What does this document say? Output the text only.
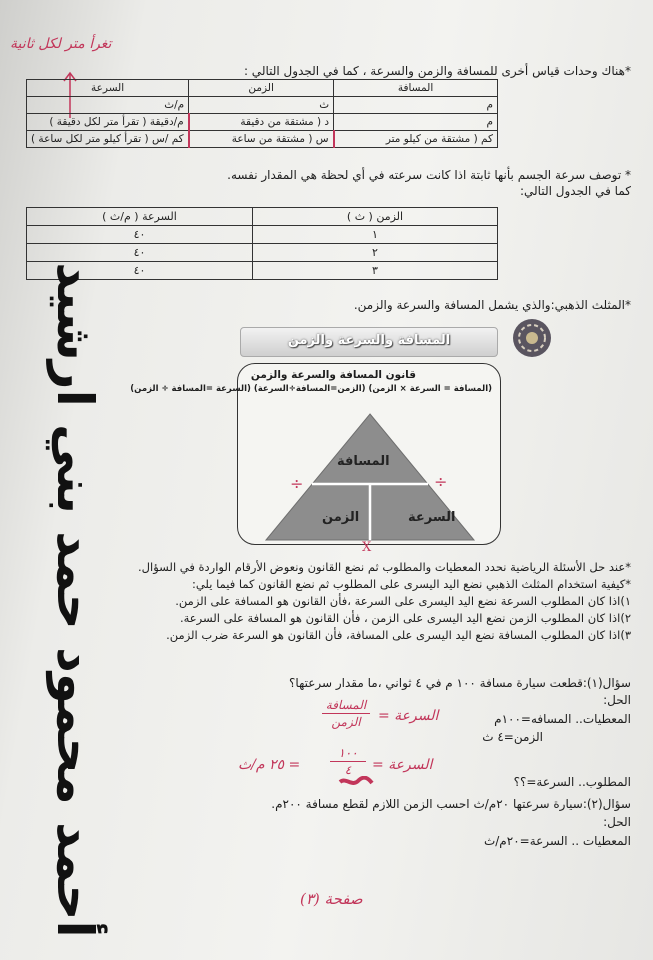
تغرأ متر لكل ثانية
*هناك وحدات قياس أخرى للمسافة والزمن والسرعة ، كما في الجدول التالي :
المسافة	الزمن	السرعة
م	ث	م/ث
م	د ( مشتقة من دقيقة	م/دقيقة ( تقرأ متر لكل دقيقة )
كم ( مشتقة من كيلو متر	س ( مشتقة من ساعة	كم /س ( تقرأ كيلو متر لكل ساعة )
* توصف سرعة الجسم بأنها ثابتة اذا كانت سرعته في أي لحظة هي المقدار نفسه.
كما في الجدول التالي:
الزمن ( ث )	السرعة ( م/ث )
١	٤٠
٢	٤٠
٣	٤٠
*المثلث الذهبي:والذي يشمل المسافة والسرعة والزمن.
المسافة والسرعة والزمن
قانون المسافة والسرعة والزمن
(المسافة = السرعة × الزمن) (الزمن=المسافة÷السرعة) (السرعة =المسافة ÷ الزمن)
المسافة
الزمن	السرعة
÷	÷
X
أحمد محمود حمد بني ارشيد	*عند حل الأسئلة الرياضية نحدد المعطيات والمطلوب ثم نضع القانون ونعوض الأرقام الواردة في السؤال.
*كيفية استخدام المثلث الذهبي نضع اليد اليسرى على المطلوب ثم نضع القانون كما فيما يلي:
١)اذا كان المطلوب السرعة نضع اليد اليسرى على السرعة ،فأن القانون هو المسافة على الزمن.
٢)اذا كان المطلوب الزمن نضع اليد اليسرى على الزمن ، فأن القانون هو المسافة على السرعة.
٣)اذا كان المطلوب المسافة نضع اليد اليسرى على المسافة، فأن القانون هو السرعة ضرب الزمن.
سؤال(١):قطعت سيارة مسافة ١٠٠ م في ٤ ثواني ،ما مقدار سرعتها؟
الحل:
المعطيات.. المسافه=١٠٠م
الزمن=٤ ث
السرعة =
المسافة
الزمن
السرعة =
١٠٠
٤
= ٢٥ م/ث
المطلوب.. السرعة=؟؟
سؤال(٢):سيارة سرعتها ٢٠م/ث احسب الزمن اللازم لقطع مسافة ٢٠٠م.
الحل:
المعطيات .. السرعة=٢٠م/ث
صفحة (٣)
